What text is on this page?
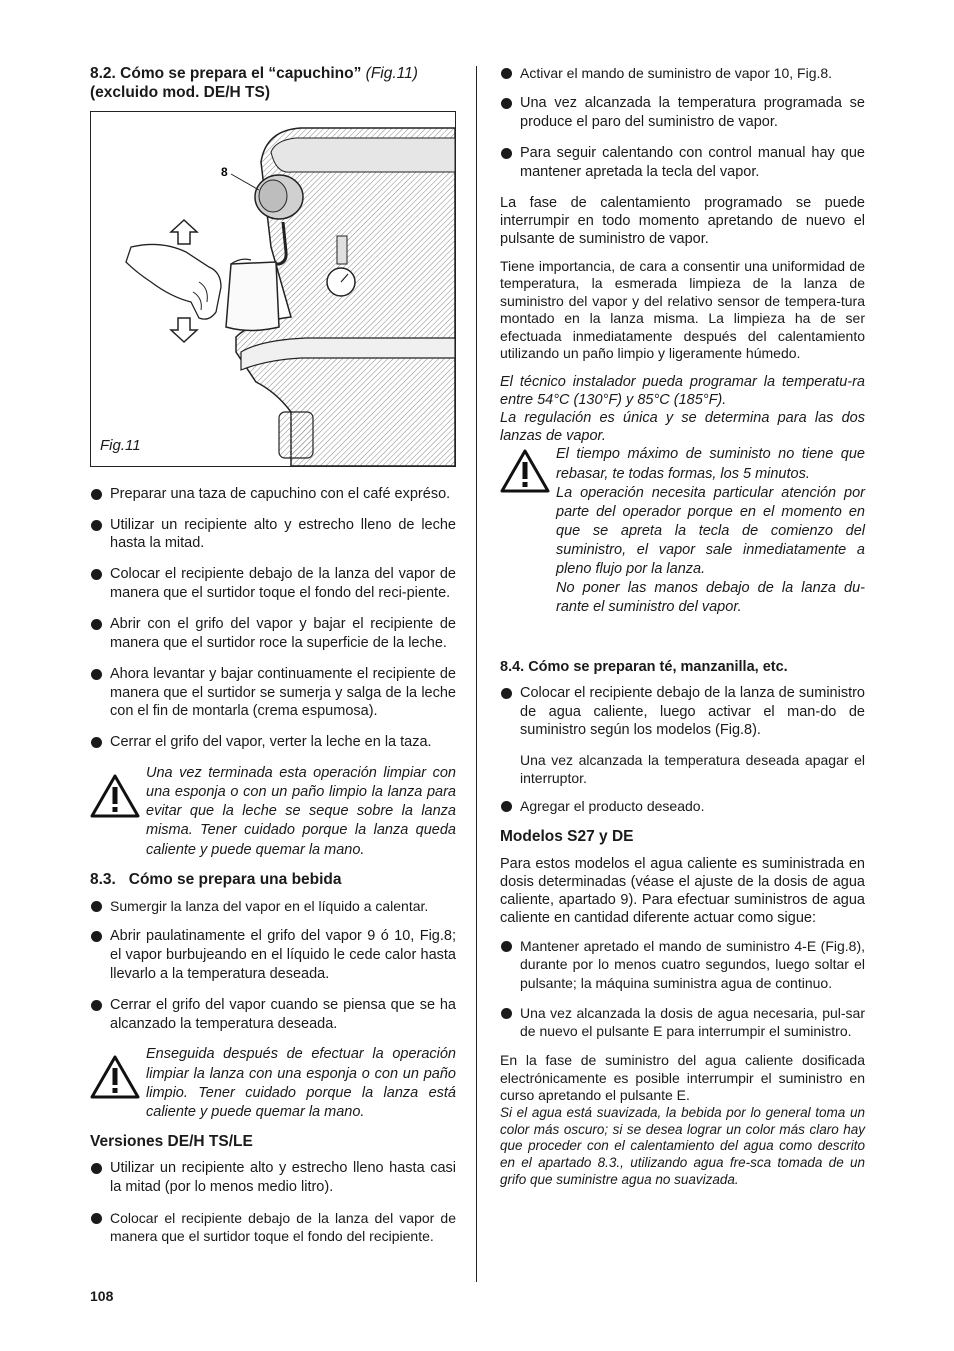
8.2. Cómo se prepara el “capuchino” (Fig.11)
(excluido mod. DE/H TS)
8
Fig.11
Preparar una taza de capuchino con el café expréso.
Utilizar un recipiente alto y estrecho lleno de leche hasta la mitad.
Colocar el recipiente debajo de la lanza del vapor de manera que el surtidor toque el fondo del reci-piente.
Abrir con el grifo del vapor y bajar el recipiente de manera que el surtidor roce la superficie de la leche.
Ahora levantar y bajar continuamente el recipiente de manera que el surtidor se sumerja y salga de la leche con el fin de montarla (crema espumosa).
Cerrar el grifo del vapor, verter la leche en la taza.
Una vez terminada esta operación limpiar con una esponja o con un paño limpio la lanza para evitar que la leche se seque sobre la lanza misma. Tener cuidado porque la lanza queda caliente y puede quemar la mano.
8.3.   Cómo se prepara una bebida
Sumergir la lanza del vapor en el líquido a calentar.
Abrir paulatinamente el grifo del vapor 9 ó 10, Fig.8; el vapor burbujeando en el líquido le cede calor hasta llevarlo a la temperatura deseada.
Cerrar el grifo del vapor cuando se piensa que se ha alcanzado la temperatura deseada.
Enseguida después de efectuar la operación limpiar la lanza con una esponja o con un paño limpio. Tener cuidado porque la lanza está caliente y puede quemar la mano.
Versiones DE/H TS/LE
Utilizar un recipiente alto y estrecho lleno hasta casi la mitad (por lo menos medio litro).
Colocar el recipiente debajo de la lanza del vapor de manera que el surtidor toque el fondo del recipiente.
Activar el mando de suministro de vapor 10, Fig.8.
Una vez alcanzada la temperatura programada se produce el paro del suministro de vapor.
Para seguir calentando con control manual hay que mantener apretada la tecla del vapor.

La fase de calentamiento programado se puede interrumpir en todo momento apretando de nuevo el pulsante de suministro de vapor.

Tiene importancia, de cara a consentir una uniformidad de temperatura, la esmerada limpieza de la lanza de suministro del vapor y del relativo sensor de tempera-tura montado en la lanza misma. La limpieza ha de ser efectuada inmediatamente después del calentamiento utilizando un paño limpio y ligeramente húmedo.

El técnico instalador pueda programar la temperatu-ra entre 54°C (130°F) y 85°C (185°F).
La regulación es única y se determina para las dos lanzas de vapor.

El tiempo máximo de suministo no tiene que rebasar, te todas formas, los 5 minutos.
La operación necesita particular atención por parte del operador porque en el momento en que se apreta la tecla de comienzo del suministro, el vapor sale inmediatamente a pleno flujo por la lanza.
No poner las manos debajo de la lanza du-rante el suministro del vapor.
8.4. Cómo se preparan té, manzanilla, etc.
Colocar el recipiente debajo de la lanza de suministro de agua caliente, luego activar el man-do de suministro según los modelos (Fig.8).

Una vez alcanzada la temperatura deseada apagar el interruptor.

Agregar el producto deseado.
Modelos S27 y DE

Para estos modelos el agua caliente es suministrada en dosis determinadas (véase el ajuste de la dosis de agua caliente, apartado 9). Para efectuar suministros de agua caliente en cantidad diferente actuar como sigue:

Mantener apretado el mando de suministro 4-E (Fig.8), durante por lo menos cuatro segundos, luego soltar el pulsante; la máquina suministra agua de continuo.
Una vez alcanzada la dosis de agua necesaria, pul-sar de nuevo el pulsante E para interrumpir el suministro.

En la fase de suministro del agua caliente dosificada electrónicamente es posible interrumpir el suministro en curso apretando el pulsante E.

Si el agua está suavizada, la bebida por lo general toma un color más oscuro; si se desea lograr un color más claro hay que proceder con el calentamiento del agua como descrito en el apartado 8.3., utilizando agua fre-sca tomada de un grifo que suministre agua no suavizada.

108
